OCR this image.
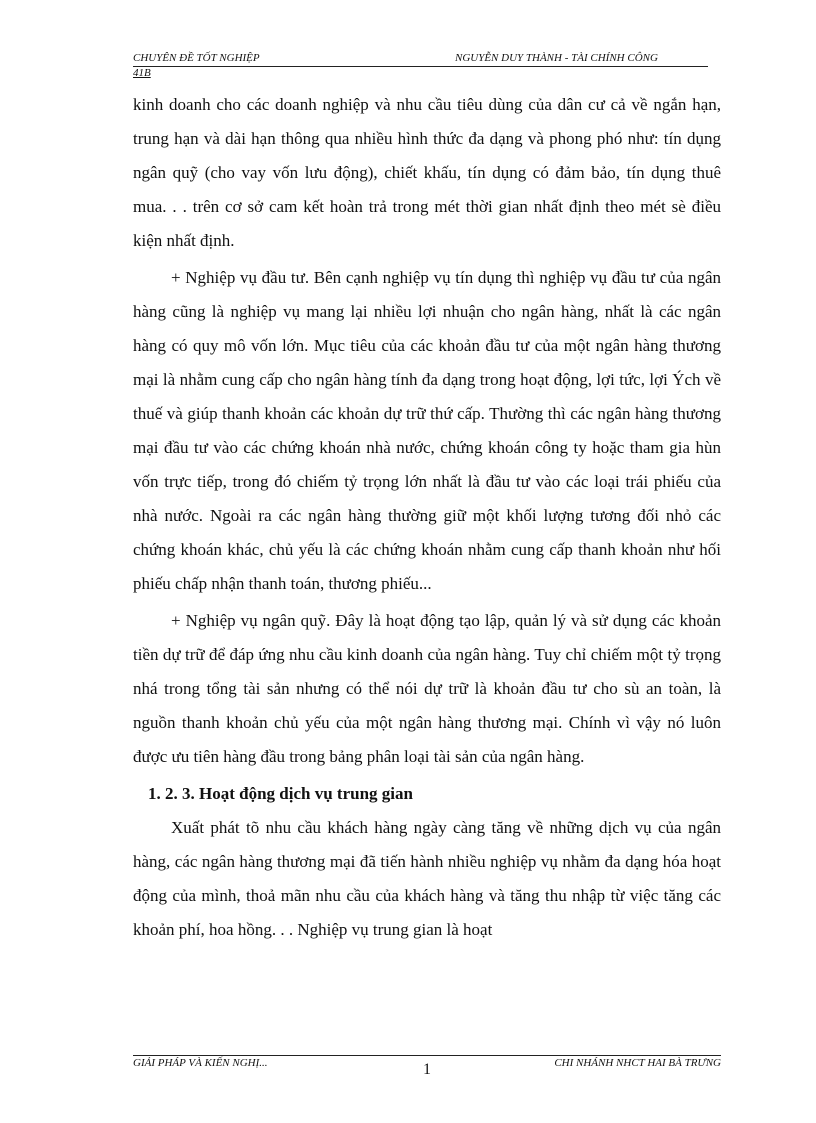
CHUYÊN ĐỀ TỐT NGHIỆP	NGUYỄN DUY THÀNH - TÀI CHÍNH CÔNG
41B

kinh doanh cho các doanh nghiệp và nhu cầu tiêu dùng của dân cư cả về ngắn hạn, trung hạn và dài hạn thông qua nhiều hình thức đa dạng và phong phó như: tín dụng ngân quỹ (cho vay vốn lưu động), chiết khấu, tín dụng có đảm bảo, tín dụng thuê mua. . . trên cơ sở cam kết hoàn trả trong mét thời gian nhất định theo mét sè điều kiện nhất định.

+ Nghiệp vụ đầu tư. Bên cạnh nghiệp vụ tín dụng thì nghiệp vụ đầu tư của ngân hàng cũng là nghiệp vụ mang lại nhiều lợi nhuận cho ngân hàng, nhất là các ngân hàng có quy mô vốn lớn. Mục tiêu của các khoản đầu tư của một ngân hàng thương mại là nhằm cung cấp cho ngân hàng tính đa dạng trong hoạt động, lợi tức, lợi Ých về thuế và giúp thanh khoản các khoản dự trữ thứ cấp. Thường thì các ngân hàng thương mại đầu tư vào các chứng khoán nhà nước, chứng khoán công ty hoặc tham gia hùn vốn trực tiếp, trong đó chiếm tỷ trọng lớn nhất là đầu tư vào các loại trái phiếu của nhà nước. Ngoài ra các ngân hàng thường giữ một khối lượng tương đối nhỏ các chứng khoán khác, chủ yếu là các chứng khoán nhằm cung cấp thanh khoản như hối phiếu chấp nhận thanh toán, thương phiếu...

+ Nghiệp vụ ngân quỹ. Đây là hoạt động tạo lập, quản lý và sử dụng các khoản tiền dự trữ để đáp ứng nhu cầu kinh doanh của ngân hàng. Tuy chỉ chiếm một tỷ trọng nhá trong tổng tài sản nhưng có thể nói dự trữ là khoản đầu tư cho sù an toàn, là nguồn thanh khoản chủ yếu của một ngân hàng thương mại. Chính vì vậy nó luôn được ưu tiên hàng đầu trong bảng phân loại tài sản của ngân hàng.

1. 2. 3. Hoạt động dịch vụ trung gian

Xuất phát tõ nhu cầu khách hàng ngày càng tăng về những dịch vụ của ngân hàng, các ngân hàng thương mại đã tiến hành nhiều nghiệp vụ nhằm đa dạng hóa hoạt động của mình, thoả mãn nhu cầu của khách hàng và tăng thu nhập từ việc tăng các khoản phí, hoa hồng. . . Nghiệp vụ trung gian là hoạt

GIẢI PHÁP VÀ KIẾN NGHỊ...	1	CHI NHÁNH NHCT HAI BÀ TRƯNG
